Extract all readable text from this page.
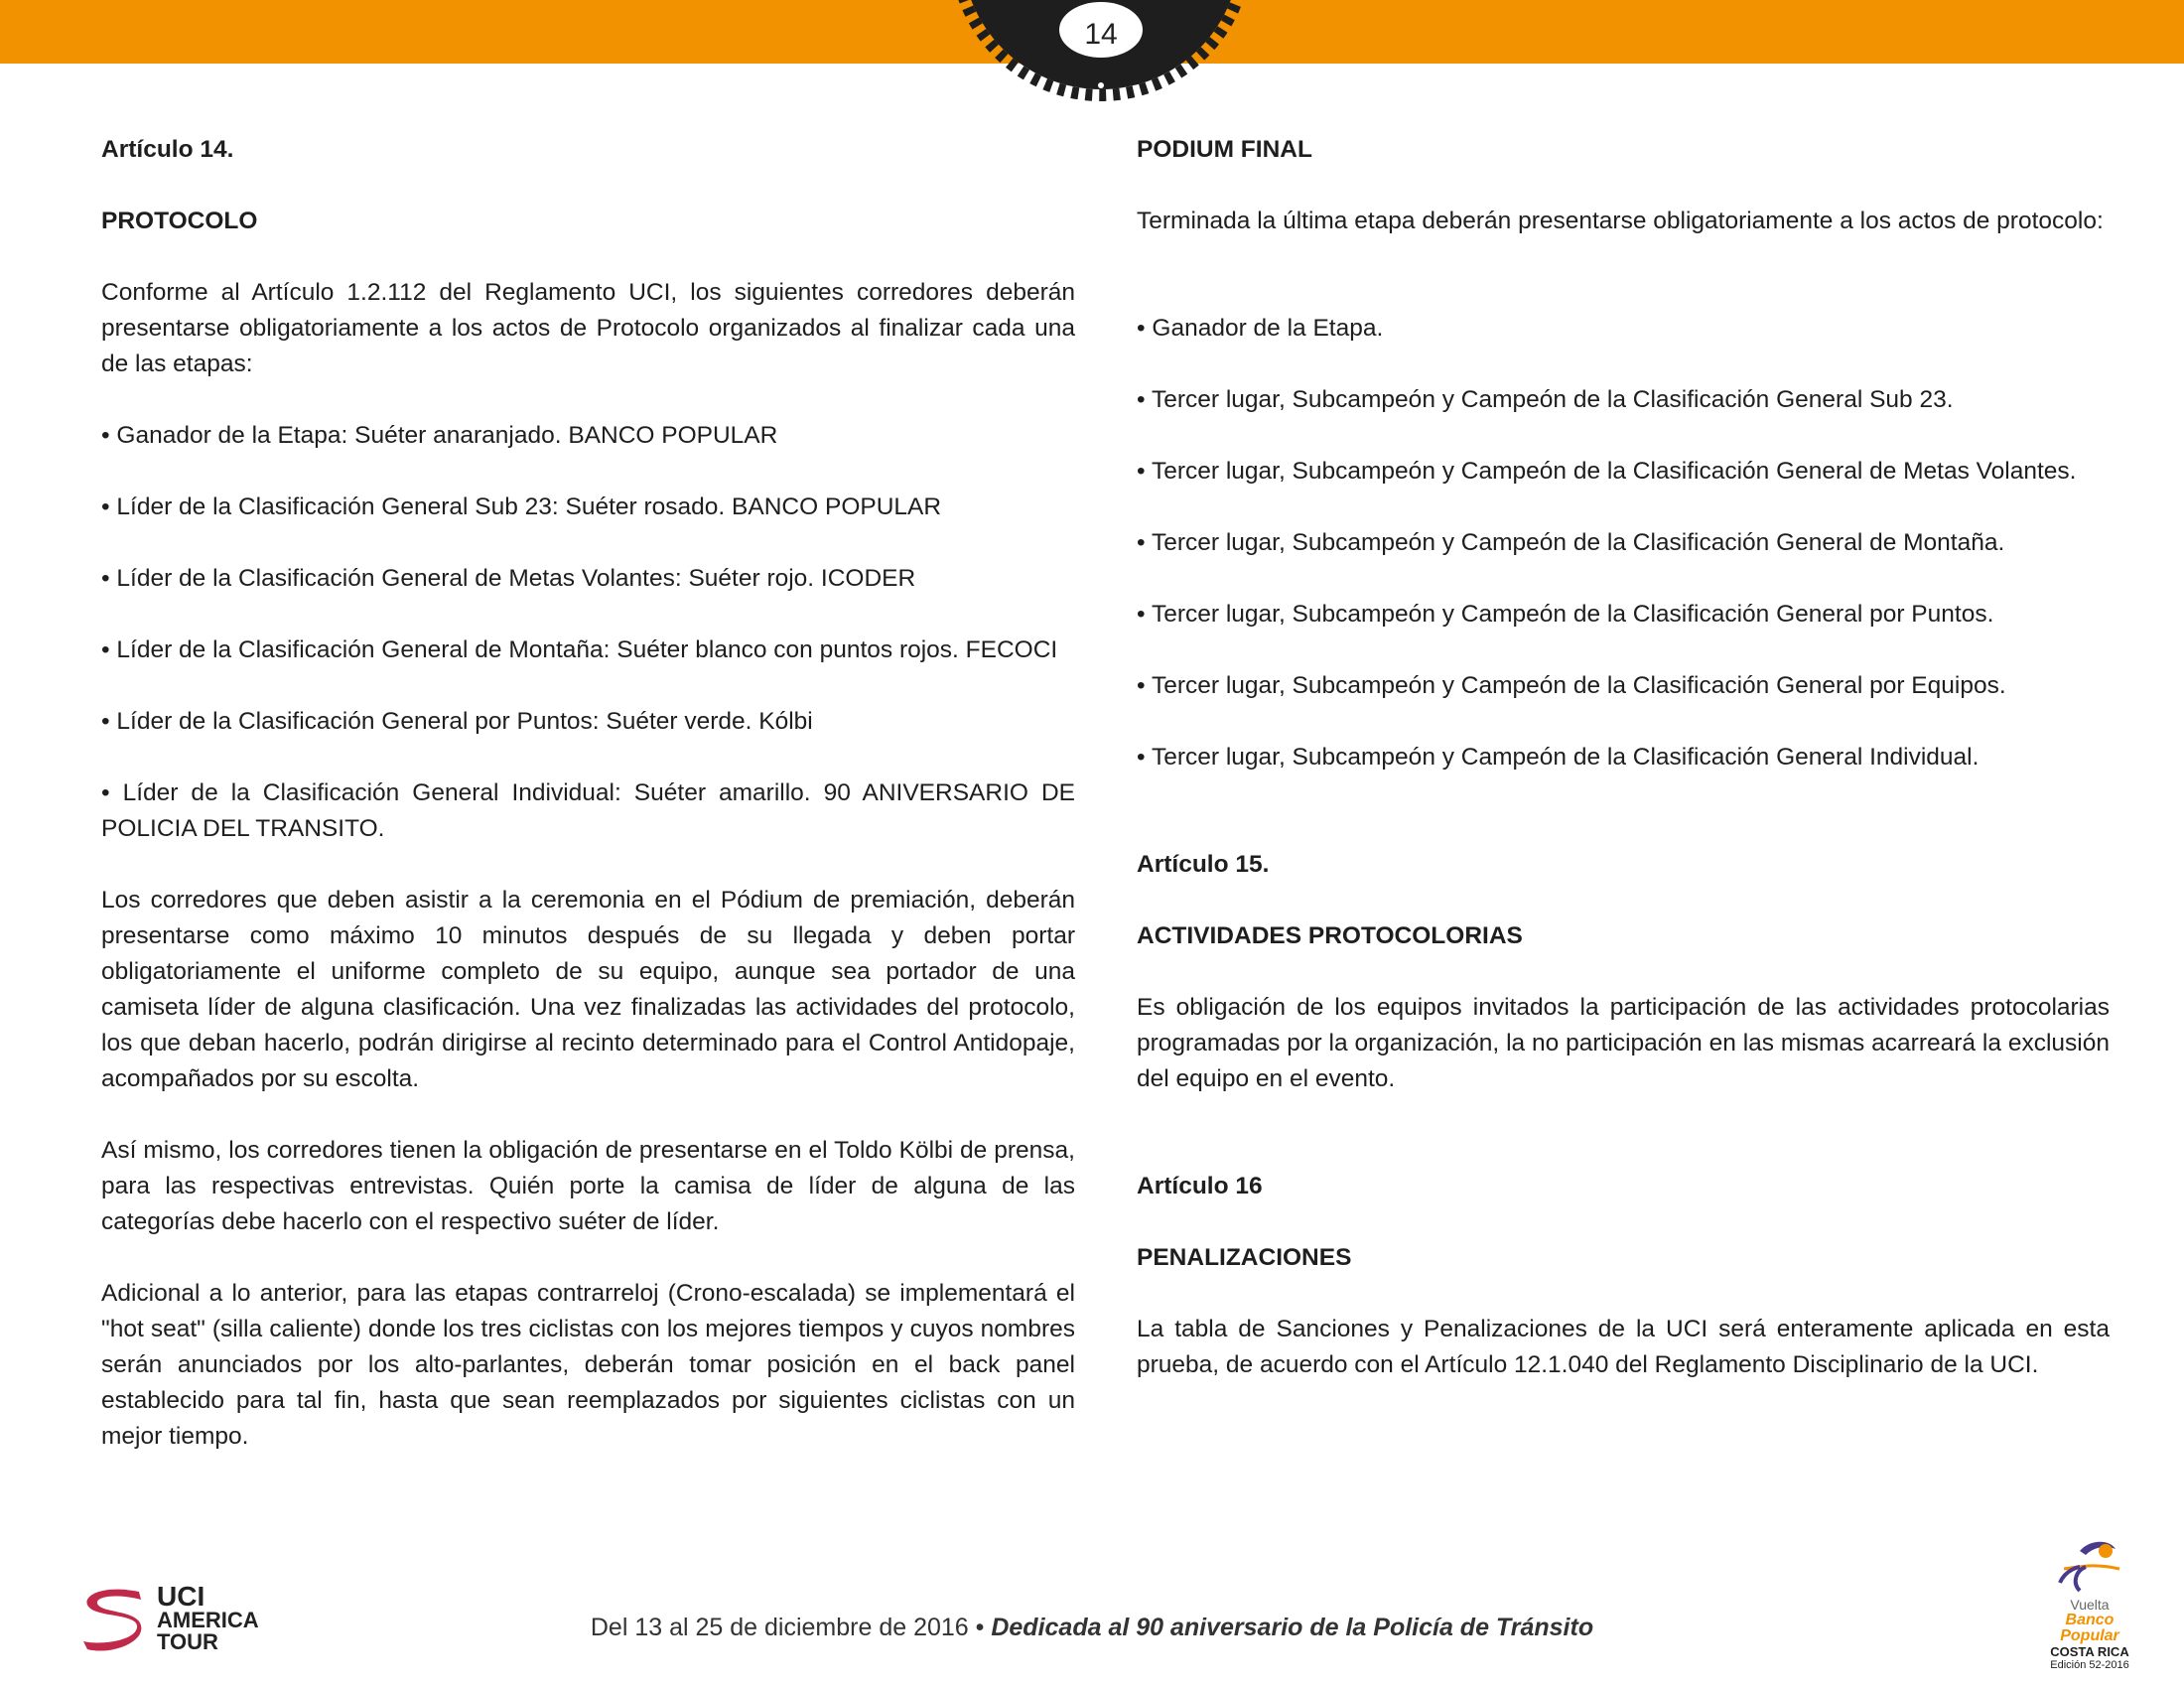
14
Artículo 14.
PROTOCOLO

Conforme al Artículo 1.2.112 del Reglamento UCI, los siguientes corredores deberán presentarse obligatoriamente a los actos de Protocolo organizados al finalizar cada una de las etapas:

• Ganador de la Etapa: Suéter anaranjado. BANCO POPULAR

• Líder de la Clasificación General Sub 23: Suéter rosado. BANCO POPULAR

• Líder de la Clasificación General de Metas Volantes: Suéter rojo. ICODER

• Líder de la Clasificación General de Montaña: Suéter blanco con puntos rojos. FECOCI

• Líder de la Clasificación General por Puntos: Suéter verde. Kólbi

• Líder de la Clasificación General Individual: Suéter amarillo. 90 ANIVERSARIO DE POLICIA DEL TRANSITO.

Los corredores que deben asistir a la ceremonia en el Pódium de premiación, deberán presentarse como máximo 10 minutos después de su llegada y deben portar obligatoriamente el uniforme completo de su equipo, aunque sea portador de una camiseta líder de alguna clasificación. Una vez finalizadas las actividades del protocolo, los que deban hacerlo, podrán dirigirse al recinto determinado para el Control Antidopaje, acompañados por su escolta.

Así mismo, los corredores tienen la obligación de presentarse en el Toldo Kölbi de prensa, para las respectivas entrevistas. Quién porte la camisa de líder de alguna de las categorías debe hacerlo con el respectivo suéter de líder.

Adicional a lo anterior, para las etapas contrarreloj (Crono-escalada) se implementará el "hot seat" (silla caliente) donde los tres ciclistas con los mejores tiempos y cuyos nombres serán anunciados por los alto-parlantes, deberán tomar posición en el back panel establecido para tal fin, hasta que sean reemplazados por siguientes ciclistas con un mejor tiempo.

PODIUM FINAL

Terminada la última etapa deberán presentarse obligatoriamente a los actos de protocolo:

• Ganador de la Etapa.

• Tercer lugar, Subcampeón y Campeón de la Clasificación General Sub 23.

• Tercer lugar, Subcampeón y Campeón de la Clasificación General de Metas Volantes.

• Tercer lugar, Subcampeón y Campeón de la Clasificación General de Montaña.

• Tercer lugar, Subcampeón y Campeón de la Clasificación General por Puntos.

• Tercer lugar, Subcampeón y Campeón de la Clasificación General por Equipos.

• Tercer lugar, Subcampeón y Campeón de la Clasificación General Individual.

Artículo 15.
ACTIVIDADES PROTOCOLORIAS

Es obligación de los equipos invitados la participación de las actividades protocolarias programadas por la organización, la no participación en las mismas acarreará la exclusión del equipo en el evento.

Artículo 16
PENALIZACIONES

La tabla de Sanciones y Penalizaciones de la UCI será enteramente aplicada en esta prueba, de acuerdo con el Artículo 12.1.040 del Reglamento Disciplinario de la UCI.

UCI
AMERICA
TOUR
Del 13 al 25 de diciembre de 2016 • Dedicada al 90 aniversario de la Policía de Tránsito
Vuelta
Banco
Popular
COSTA RICA
Edición 52-2016
